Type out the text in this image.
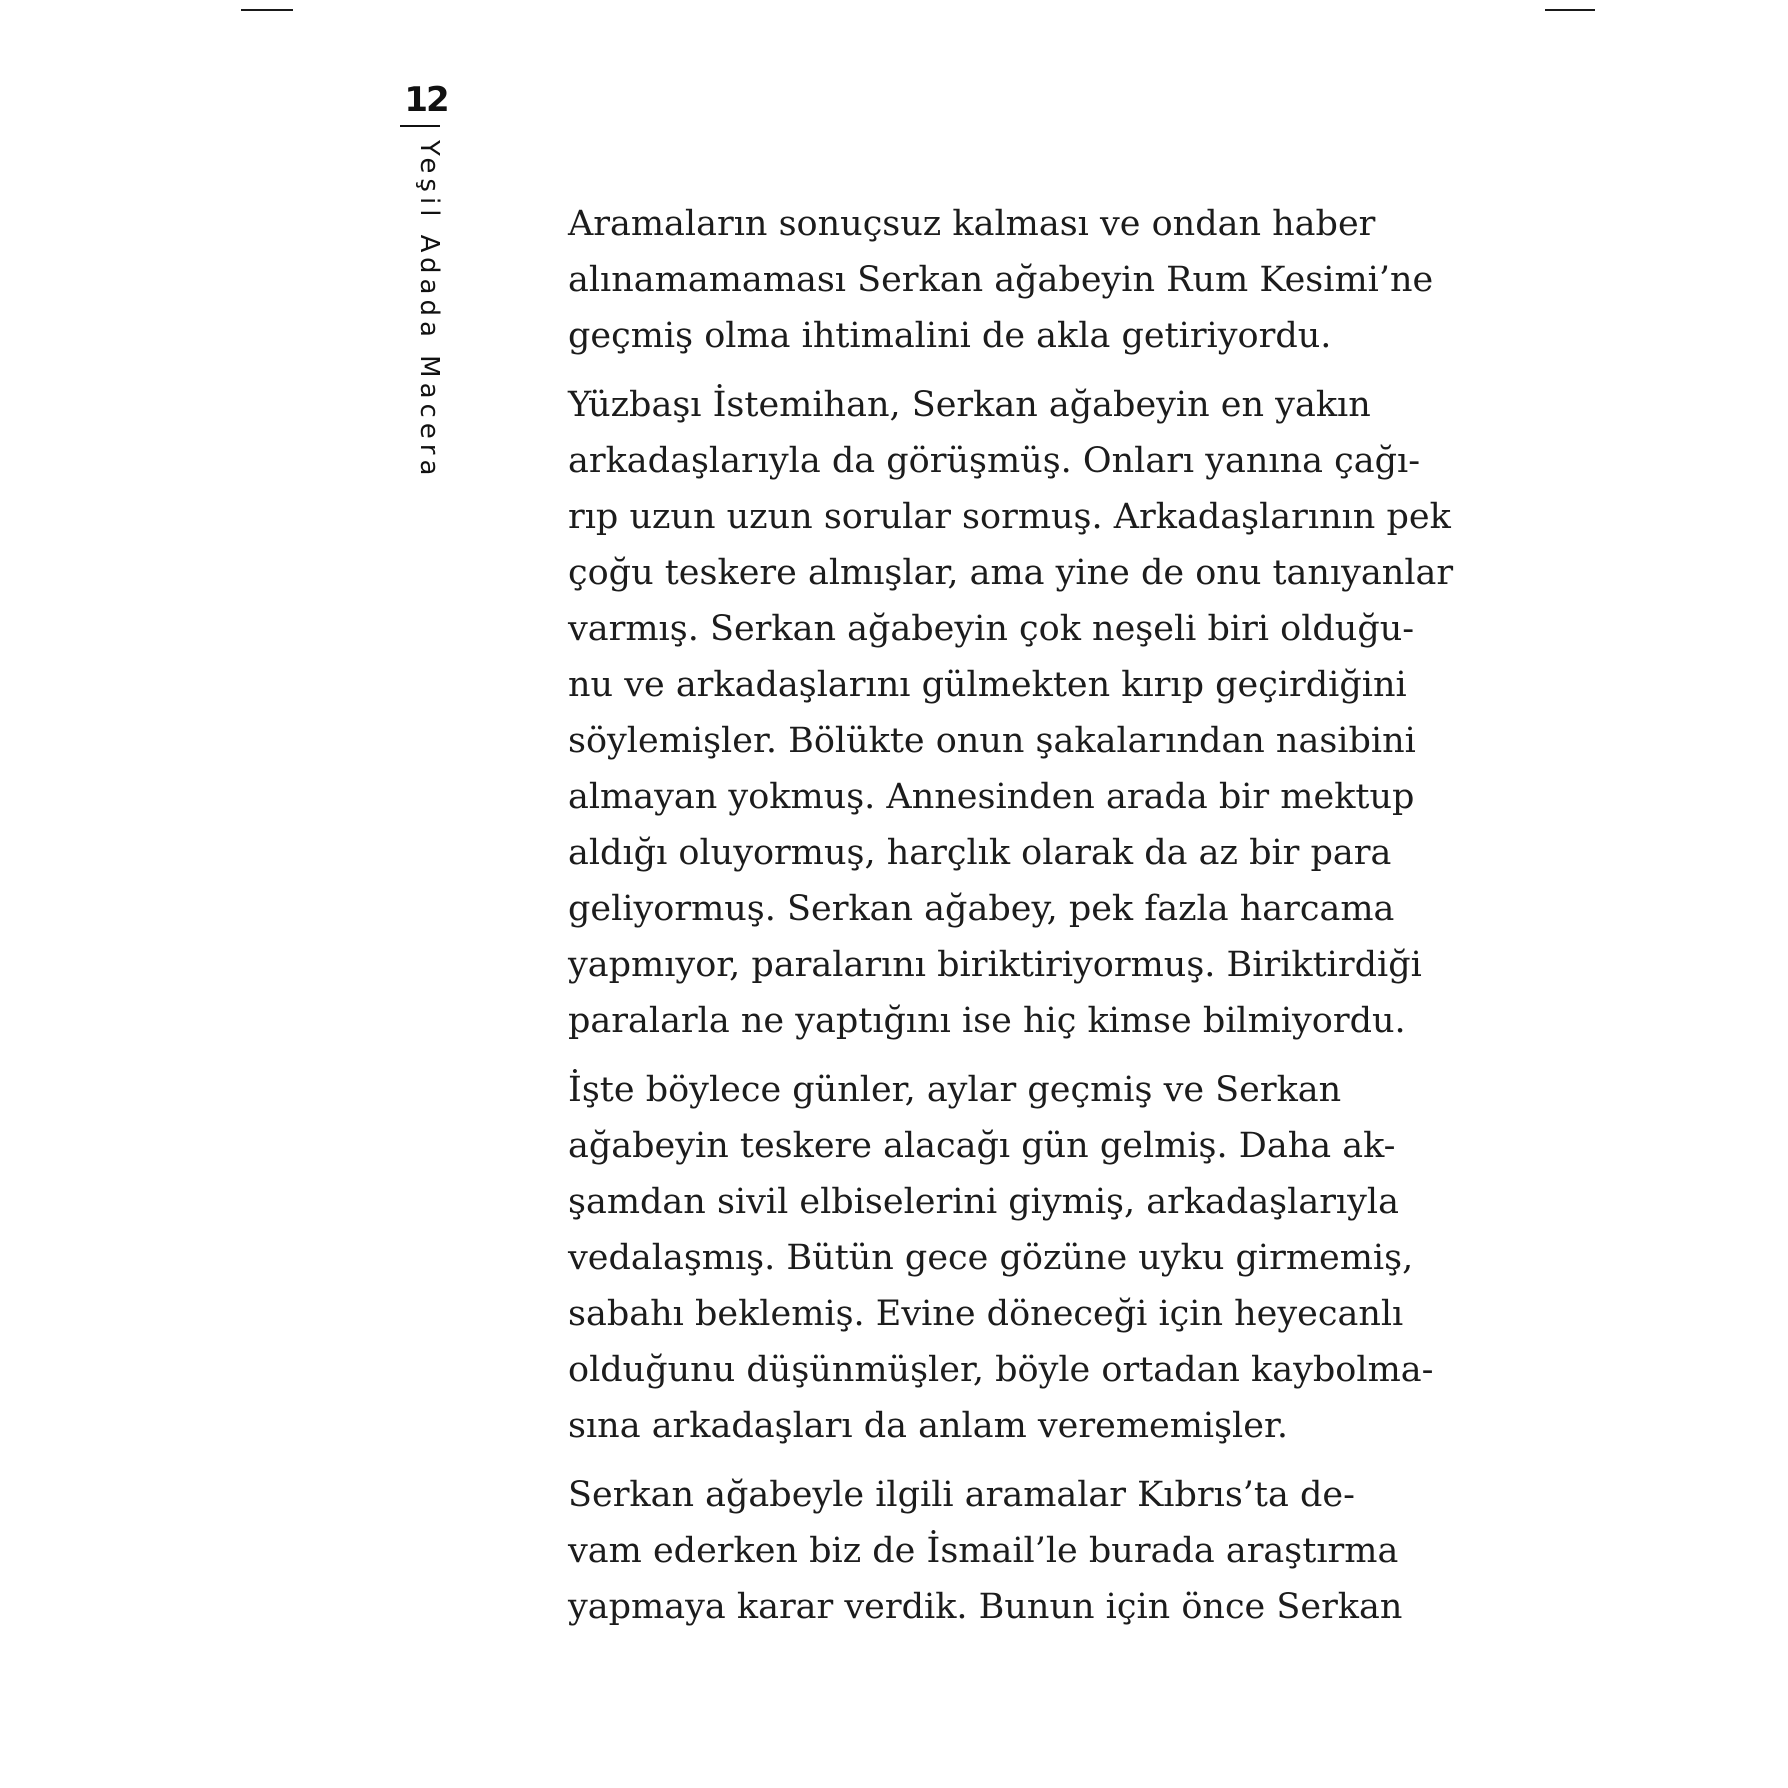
12
Yeşil Adada Macera	Aramaların sonuçsuz kalması ve ondan haber
alınamamaması Serkan ağabeyin Rum Kesimi’ne
geçmiş olma ihtimalini de akla getiriyordu.

Yüzbaşı İstemihan, Serkan ağabeyin en yakın
arkadaşlarıyla da görüşmüş. Onları yanına çağı-
rıp uzun uzun sorular sormuş. Arkadaşlarının pek
çoğu teskere almışlar, ama yine de onu tanıyanlar
varmış. Serkan ağabeyin çok neşeli biri olduğu-
nu ve arkadaşlarını gülmekten kırıp geçirdiğini
söylemişler. Bölükte onun şakalarından nasibini
almayan yokmuş. Annesinden arada bir mektup
aldığı oluyormuş, harçlık olarak da az bir para
geliyormuş. Serkan ağabey, pek fazla harcama
yapmıyor, paralarını biriktiriyormuş. Biriktirdiği
paralarla ne yaptığını ise hiç kimse bilmiyordu.

İşte böylece günler, aylar geçmiş ve Serkan
ağabeyin teskere alacağı gün gelmiş. Daha ak-
şamdan sivil elbiselerini giymiş, arkadaşlarıyla
vedalaşmış. Bütün gece gözüne uyku girmemiş,
sabahı beklemiş. Evine döneceği için heyecanlı
olduğunu düşünmüşler, böyle ortadan kaybolma-
sına arkadaşları da anlam verememişler.

Serkan ağabeyle ilgili aramalar Kıbrıs’ta de-
vam ederken biz de İsmail’le burada araştırma
yapmaya karar verdik. Bunun için önce Serkan
